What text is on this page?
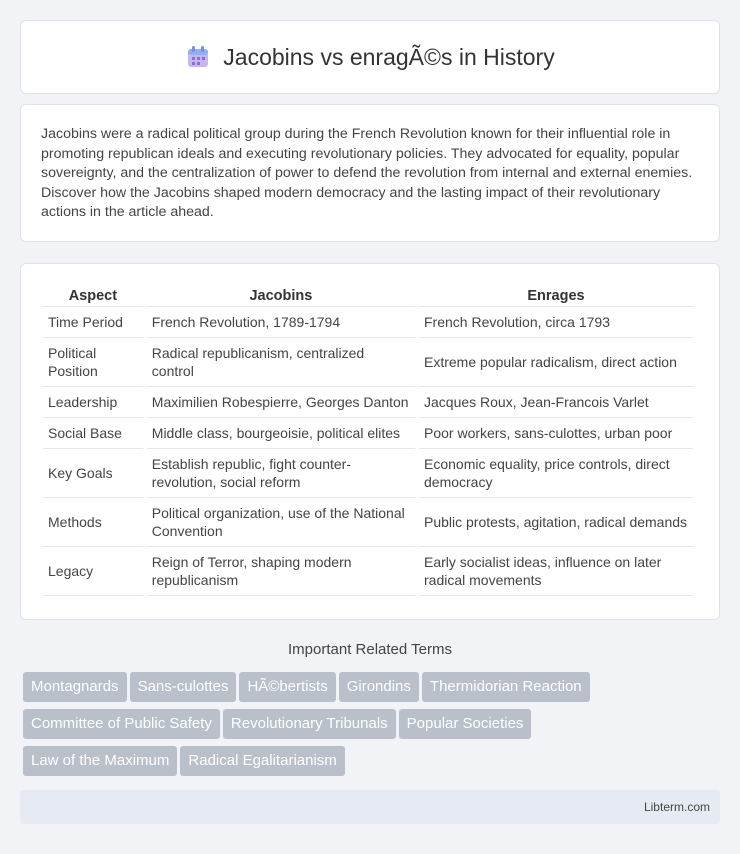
Jacobins vs enragÃ©s in History

Jacobins were a radical political group during the French Revolution known for their influential role in promoting republican ideals and executing revolutionary policies. They advocated for equality, popular sovereignty, and the centralization of power to defend the revolution from internal and external enemies. Discover how the Jacobins shaped modern democracy and the lasting impact of their revolutionary actions in the article ahead.

Aspect	Jacobins	Enrages
Time Period	French Revolution, 1789-1794	French Revolution, circa 1793
Political Position	Radical republicanism, centralized control	Extreme popular radicalism, direct action
Leadership	Maximilien Robespierre, Georges Danton	Jacques Roux, Jean-Francois Varlet
Social Base	Middle class, bourgeoisie, political elites	Poor workers, sans-culottes, urban poor
Key Goals	Establish republic, fight counter-revolution, social reform	Economic equality, price controls, direct democracy
Methods	Political organization, use of the National Convention	Public protests, agitation, radical demands
Legacy	Reign of Terror, shaping modern republicanism	Early socialist ideas, influence on later radical movements
Important Related Terms
Montagnards Sans-culottes HÃ©bertists Girondins Thermidorian Reaction
Committee of Public Safety Revolutionary Tribunals Popular Societies
Law of the Maximum Radical Egalitarianism
Libterm.com
